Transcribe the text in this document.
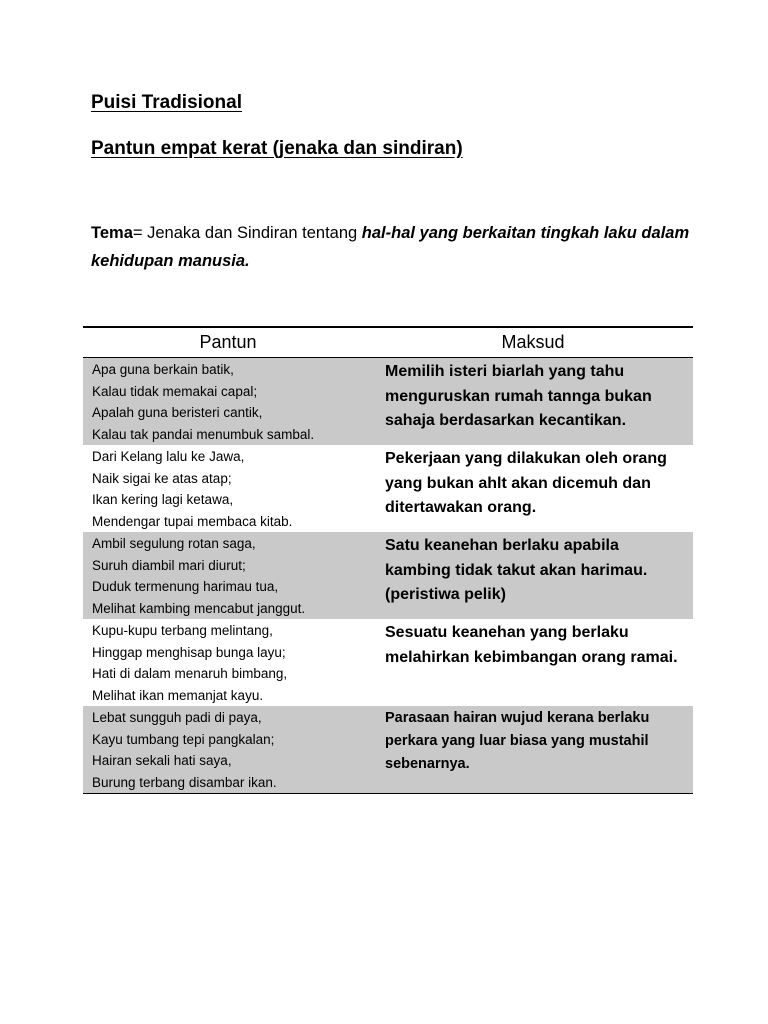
Puisi Tradisional
Pantun empat kerat (jenaka dan sindiran)

Tema= Jenaka dan Sindiran tentang hal-hal yang berkaitan tingkah laku dalam kehidupan manusia.

Pantun	Maksud

Apa guna berkain batik,
Kalau tidak memakai capal;
Apalah guna beristeri cantik,
Kalau tak pandai menumbuk sambal.	Memilih isteri biarlah yang tahu menguruskan rumah tannga bukan sahaja berdasarkan kecantikan.

Dari Kelang lalu ke Jawa,
Naik sigai ke atas atap;
Ikan kering lagi ketawa,
Mendengar tupai membaca kitab.	Pekerjaan yang dilakukan oleh orang yang bukan ahlt akan dicemuh dan ditertawakan orang.

Ambil segulung rotan saga,
Suruh diambil mari diurut;
Duduk termenung harimau tua,
Melihat kambing mencabut janggut.	Satu keanehan berlaku apabila kambing tidak takut akan harimau. (peristiwa pelik)

Kupu-kupu terbang melintang,
Hinggap menghisap bunga layu;
Hati di dalam menaruh bimbang,
Melihat ikan memanjat kayu.	Sesuatu keanehan yang berlaku melahirkan kebimbangan orang ramai.

Lebat sungguh padi di paya,
Kayu tumbang tepi pangkalan;
Hairan sekali hati saya,
Burung terbang disambar ikan.	Parasaan hairan wujud kerana berlaku perkara yang luar biasa yang mustahil sebenarnya.
